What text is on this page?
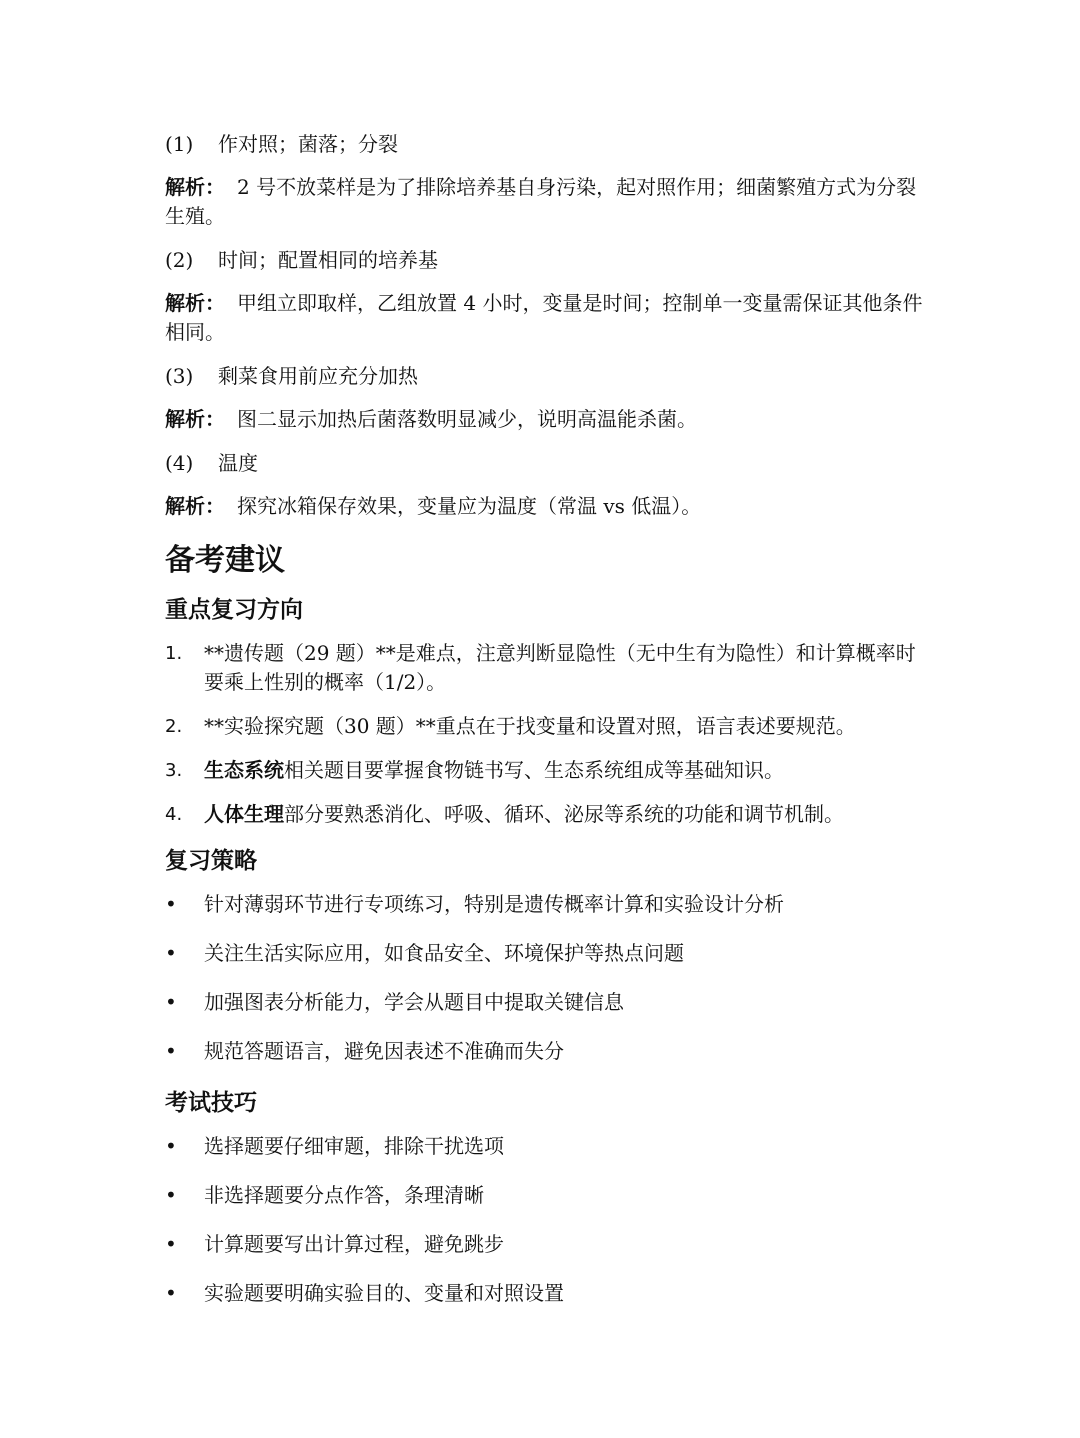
(1)	作对照；菌落；分裂
解析： 2 号不放菜样是为了排除培养基自身污染，起对照作用；细菌繁殖方式为分裂生殖。
(2)	时间；配置相同的培养基
解析： 甲组立即取样，乙组放置 4 小时，变量是时间；控制单一变量需保证其他条件相同。
(3)	剩菜食用前应充分加热
解析： 图二显示加热后菌落数明显减少，说明高温能杀菌。
(4)	温度
解析： 探究冰箱保存效果，变量应为温度（常温 vs 低温）。
备考建议
重点复习方向
1.	**遗传题（29 题）**是难点，注意判断显隐性（无中生有为隐性）和计算概率时要乘上性别的概率（1/2）。
2.	**实验探究题（30 题）**重点在于找变量和设置对照，语言表述要规范。
3.	生态系统相关题目要掌握食物链书写、生态系统组成等基础知识。
4.	人体生理部分要熟悉消化、呼吸、循环、泌尿等系统的功能和调节机制。
复习策略
•	针对薄弱环节进行专项练习，特别是遗传概率计算和实验设计分析
•	关注生活实际应用，如食品安全、环境保护等热点问题
•	加强图表分析能力，学会从题目中提取关键信息
•	规范答题语言，避免因表述不准确而失分
考试技巧
•	选择题要仔细审题，排除干扰选项
•	非选择题要分点作答，条理清晰
•	计算题要写出计算过程，避免跳步
•	实验题要明确实验目的、变量和对照设置
